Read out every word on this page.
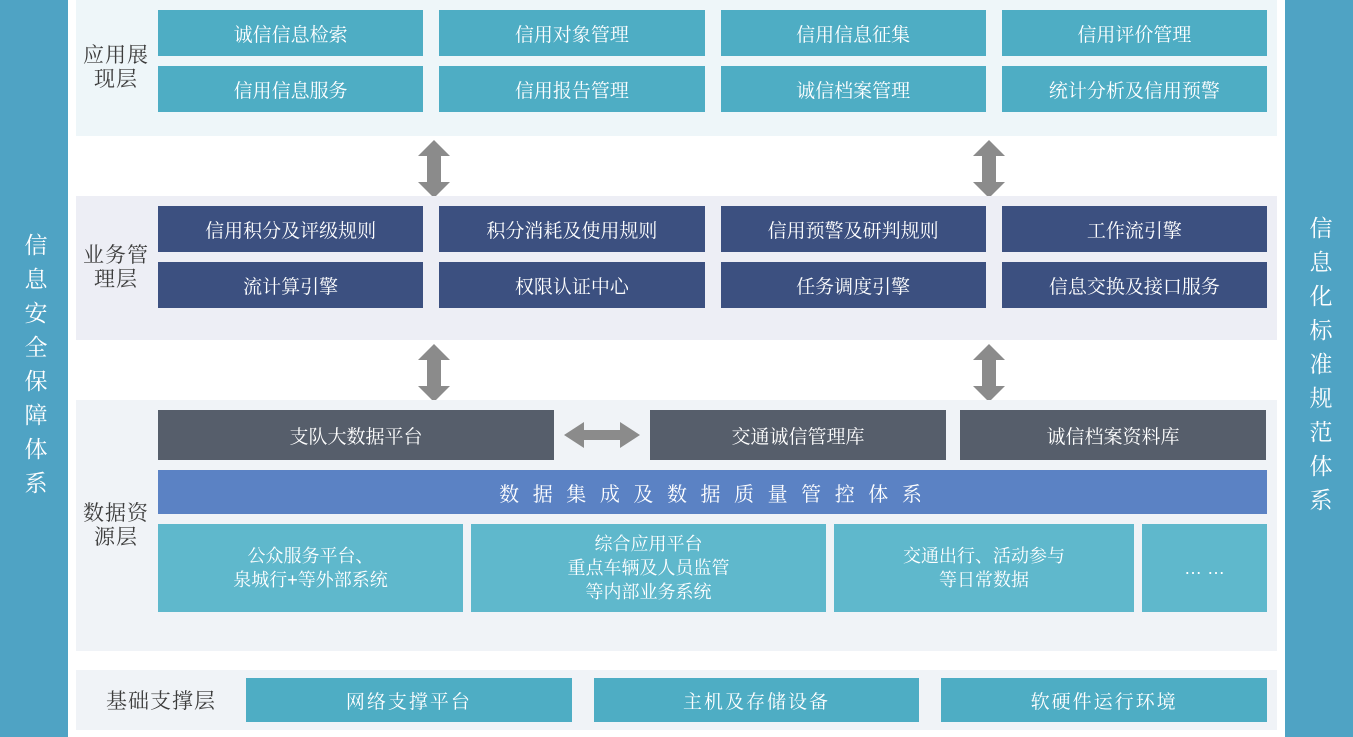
信息安全保障体系	信息化标准规范体系
应用展现层
诚信信息检索	信用对象管理	信用信息征集	信用评价管理
信用信息服务	信用报告管理	诚信档案管理	统计分析及信用预警
业务管理层
信用积分及评级规则	积分消耗及使用规则	信用预警及研判规则	工作流引擎
流计算引擎	权限认证中心	任务调度引擎	信息交换及接口服务
数据资源层
支队大数据平台	交通诚信管理库	诚信档案资料库
数 据 集 成 及 数 据 质 量 管 控 体 系
公众服务平台、
泉城行+等外部系统
综合应用平台
重点车辆及人员监管
等内部业务系统
交通出行、活动参与
等日常数据
… …
基础支撑层	网络支撑平台	主机及存储设备	软硬件运行环境
